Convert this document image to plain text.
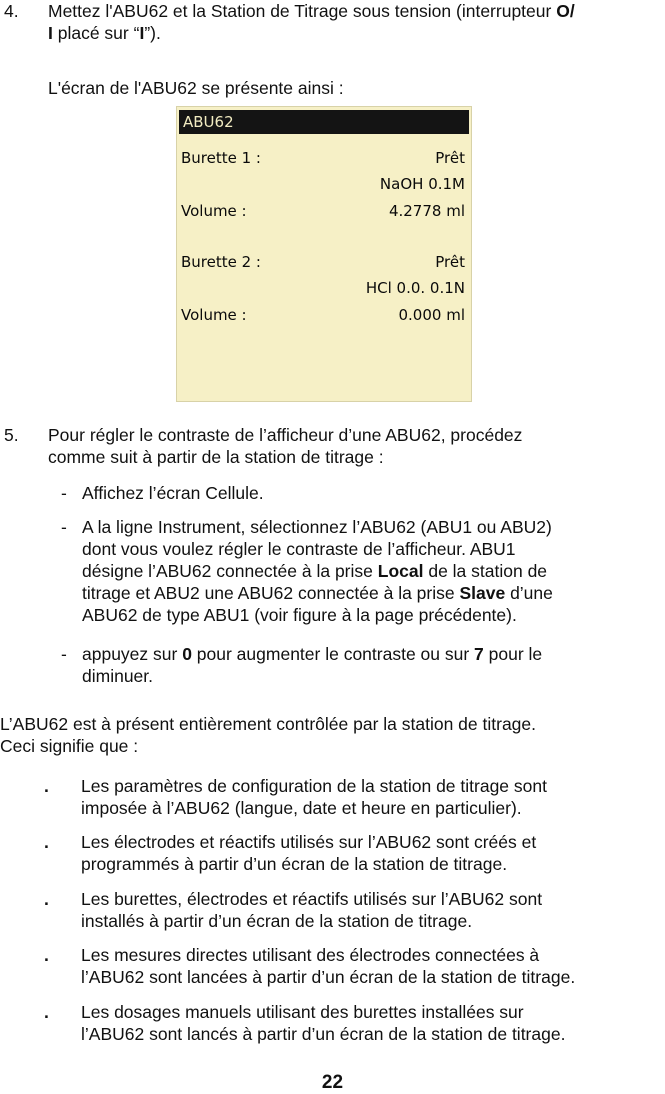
4. Mettez l'ABU62 et la Station de Titrage sous tension (interrupteur O/
I placé sur “I”).
L'écran de l'ABU62 se présente ainsi :
ABU62
Burette 1 :	Prêt
NaOH 0.1M
Volume :	4.2778 ml
Burette 2 :	Prêt
HCl 0.0. 0.1N
Volume :	0.000 ml
5. Pour régler le contraste de l’afficheur d’une ABU62, procédez
comme suit à partir de la station de titrage :
- Affichez l’écran Cellule.
- A la ligne Instrument, sélectionnez l’ABU62 (ABU1 ou ABU2)
dont vous voulez régler le contraste de l’afficheur. ABU1
désigne l’ABU62 connectée à la prise Local de la station de
titrage et ABU2 une ABU62 connectée à la prise Slave d’une
ABU62 de type ABU1 (voir figure à la page précédente).
- appuyez sur 0 pour augmenter le contraste ou sur 7 pour le
diminuer.
L’ABU62 est à présent entièrement contrôlée par la station de titrage.
Ceci signifie que :
. Les paramètres de configuration de la station de titrage sont
imposée à l’ABU62 (langue, date et heure en particulier).
. Les électrodes et réactifs utilisés sur l’ABU62 sont créés et
programmés à partir d’un écran de la station de titrage.
. Les burettes, électrodes et réactifs utilisés sur l’ABU62 sont
installés à partir d’un écran de la station de titrage.
. Les mesures directes utilisant des électrodes connectées à
l’ABU62 sont lancées à partir d’un écran de la station de titrage.
. Les dosages manuels utilisant des burettes installées sur
l’ABU62 sont lancés à partir d’un écran de la station de titrage.
22
